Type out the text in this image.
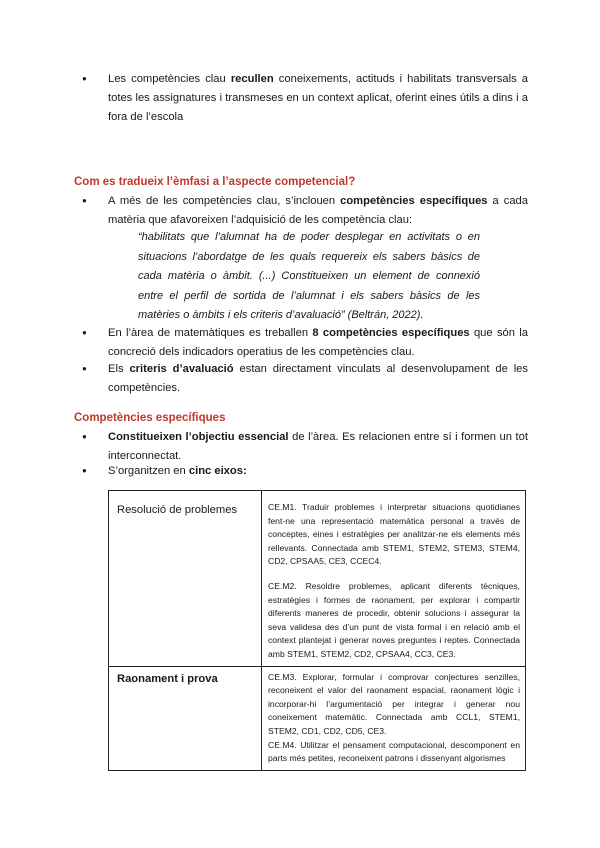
●
Les competències clau recullen coneixements, actituds i habilitats transversals a totes les assignatures i transmeses en un context aplicat, oferint eines útils a dins i a fora de l’escola
Com es tradueix l’èmfasi a l’aspecte competencial?
●
A més de les competències clau, s’inclouen competències específiques a cada matèria que afavoreixen l’adquisició de les competència clau:
“habilitats que l’alumnat ha de poder desplegar en activitats o en situacions l’abordatge de les quals requereix els sabers bàsics de cada matèria o àmbit. (...) Constitueixen un element de connexió entre el perfil de sortida de l’alumnat i els sabers bàsics de les matèries o àmbits i els criteris d’avaluació” (Beltrán, 2022).
●
En l’àrea de matemàtiques es treballen 8 competències específiques que són la concreció dels indicadors operatius de les competències clau.
●
Els criteris d’avaluació estan directament vinculats al desenvolupament de les competències.
Competències específiques
●
Constitueixen l’objectiu essencial de l’àrea. Es relacionen entre sí i formen un tot interconnectat.
●
S’organitzen en cinc eixos:
Resolució de problemes	CE.M1. Traduir problemes i interpretar situacions quotidianes fent-ne una representació matemàtica personal a través de conceptes, eines i estratègies per analitzar-ne els elements més rellevants. Connectada amb STEM1, STEM2, STEM3, STEM4, CD2, CPSAA5, CE3, CCEC4.

CE.M2. Resoldre problemes, aplicant diferents tècniques, estratègies i formes de raonament, per explorar i compartir diferents maneres de procedir, obtenir solucions i assegurar la seva validesa des d’un punt de vista formal i en relació amb el context plantejat i generar noves preguntes i reptes. Connectada amb STEM1, STEM2, CD2, CPSAA4, CC3, CE3.

Raonament i prova	CE.M3. Explorar, formular i comprovar conjectures senzilles, reconeixent el valor del raonament espacial, raonament lògic i incorporar-hi l’argumentació per integrar i generar nou coneixement matemàtic. Connectada amb CCL1, STEM1, STEM2, CD1, CD2, CD5, CE3.

CE.M4. Utilitzar el pensament computacional, descomponent en parts més petites, reconeixent patrons i dissenyant algorismes
